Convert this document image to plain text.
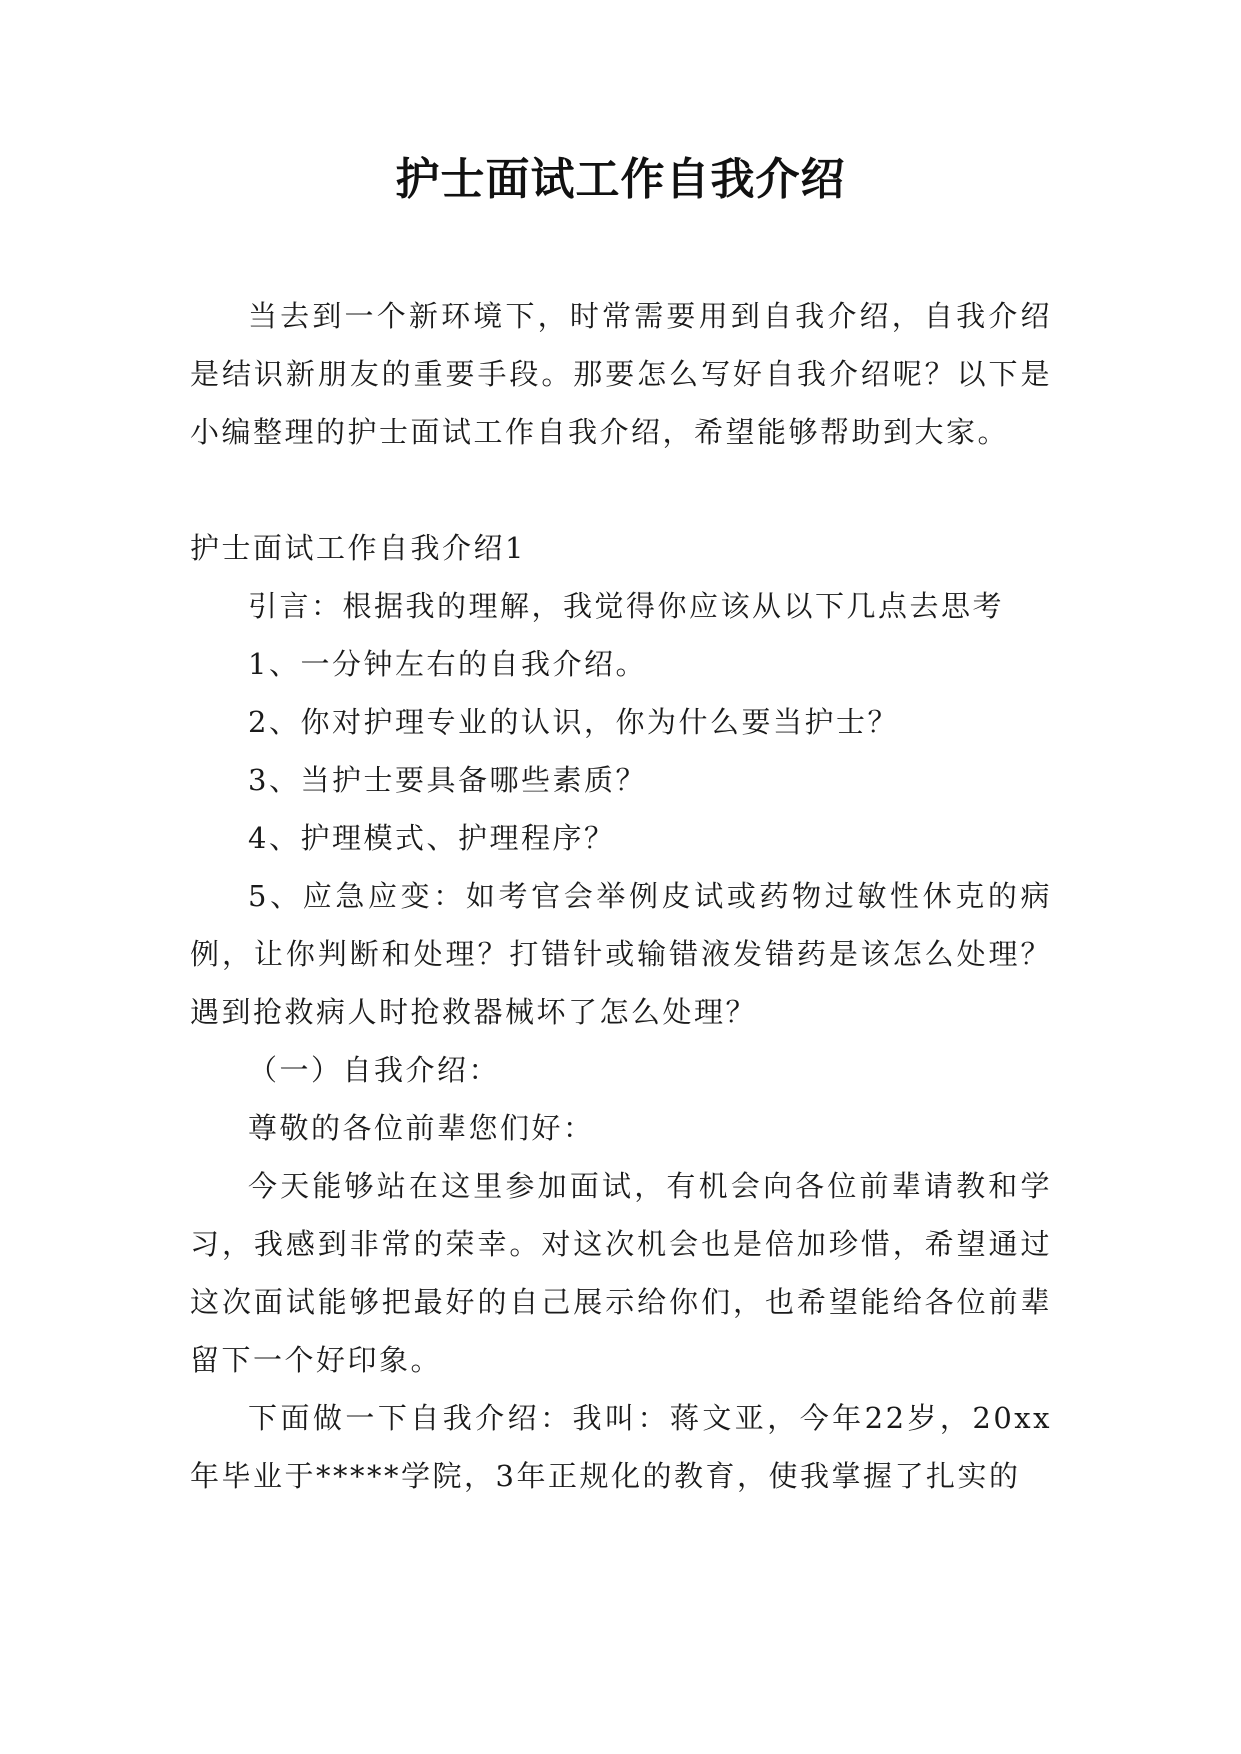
护士面试工作自我介绍

当去到一个新环境下，时常需要用到自我介绍，自我介绍是结识新朋友的重要手段。那要怎么写好自我介绍呢？以下是小编整理的护士面试工作自我介绍，希望能够帮助到大家。

护士面试工作自我介绍1

引言：根据我的理解，我觉得你应该从以下几点去思考

1、一分钟左右的自我介绍。

2、你对护理专业的认识，你为什么要当护士？

3、当护士要具备哪些素质？

4、护理模式、护理程序？

5、应急应变：如考官会举例皮试或药物过敏性休克的病例，让你判断和处理？打错针或输错液发错药是该怎么处理？遇到抢救病人时抢救器械坏了怎么处理？

（一）自我介绍：

尊敬的各位前辈您们好：

今天能够站在这里参加面试，有机会向各位前辈请教和学习，我感到非常的荣幸。对这次机会也是倍加珍惜，希望通过这次面试能够把最好的自己展示给你们，也希望能给各位前辈留下一个好印象。

下面做一下自我介绍：我叫：蒋文亚，今年22岁，20xx年毕业于*****学院，3年正规化的教育，使我掌握了扎实的
